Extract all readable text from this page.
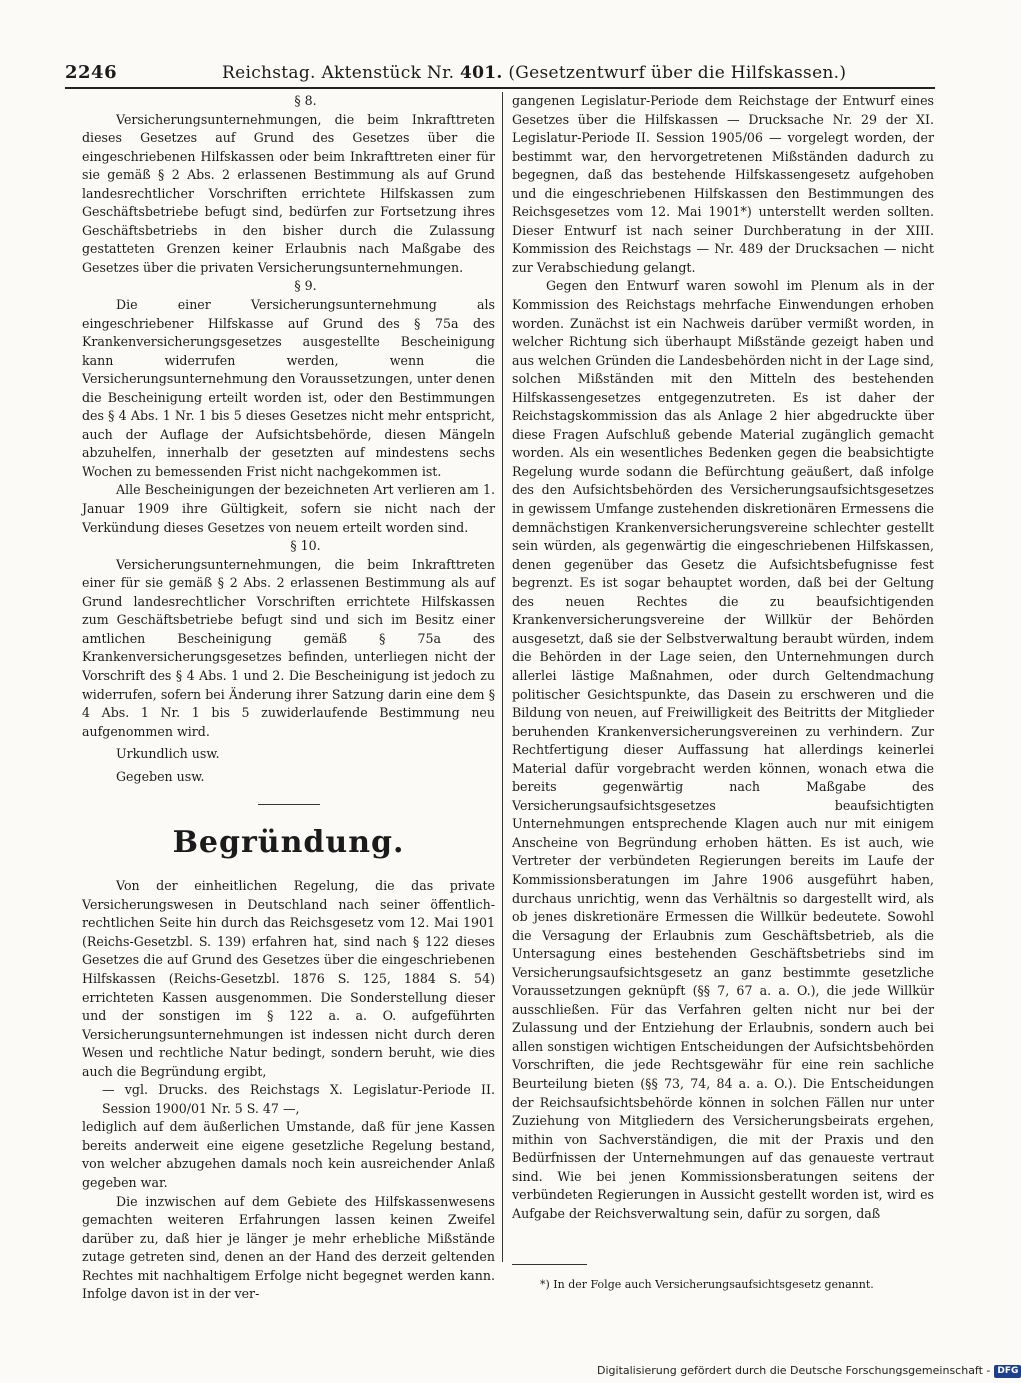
2246	Reichstag. Aktenstück Nr. 401. (Gesetzentwurf über die Hilfskassen.)

§ 8.

Versicherungsunternehmungen, die beim Inkrafttreten dieses Gesetzes auf Grund des Gesetzes über die eingeschriebenen Hilfskassen oder beim Inkrafttreten einer für sie gemäß § 2 Abs. 2 erlassenen Bestimmung als auf Grund landesrechtlicher Vorschriften errichtete Hilfskassen zum Geschäftsbetriebe befugt sind, bedürfen zur Fortsetzung ihres Geschäftsbetriebs in den bisher durch die Zulassung gestatteten Grenzen keiner Erlaubnis nach Maßgabe des Gesetzes über die privaten Versicherungsunternehmungen.

§ 9.

Die einer Versicherungsunternehmung als eingeschriebener Hilfskasse auf Grund des § 75a des Krankenversicherungsgesetzes ausgestellte Bescheinigung kann widerrufen werden, wenn die Versicherungsunternehmung den Voraussetzungen, unter denen die Bescheinigung erteilt worden ist, oder den Bestimmungen des § 4 Abs. 1 Nr. 1 bis 5 dieses Gesetzes nicht mehr entspricht, auch der Auflage der Aufsichtsbehörde, diesen Mängeln abzuhelfen, innerhalb der gesetzten auf mindestens sechs Wochen zu bemessenden Frist nicht nachgekommen ist.

Alle Bescheinigungen der bezeichneten Art verlieren am 1. Januar 1909 ihre Gültigkeit, sofern sie nicht nach der Verkündung dieses Gesetzes von neuem erteilt worden sind.

§ 10.

Versicherungsunternehmungen, die beim Inkrafttreten einer für sie gemäß § 2 Abs. 2 erlassenen Bestimmung als auf Grund landesrechtlicher Vorschriften errichtete Hilfskassen zum Geschäftsbetriebe befugt sind und sich im Besitz einer amtlichen Bescheinigung gemäß § 75a des Krankenversicherungsgesetzes befinden, unterliegen nicht der Vorschrift des § 4 Abs. 1 und 2. Die Bescheinigung ist jedoch zu widerrufen, sofern bei Änderung ihrer Satzung darin eine dem § 4 Abs. 1 Nr. 1 bis 5 zuwiderlaufende Bestimmung neu aufgenommen wird.

Urkundlich usw.

Gegeben usw.

Begründung.

Von der einheitlichen Regelung, die das private Versicherungswesen in Deutschland nach seiner öffentlich-rechtlichen Seite hin durch das Reichsgesetz vom 12. Mai 1901 (Reichs-Gesetzbl. S. 139) erfahren hat, sind nach § 122 dieses Gesetzes die auf Grund des Gesetzes über die eingeschriebenen Hilfskassen (Reichs-Gesetzbl. 1876 S. 125, 1884 S. 54) errichteten Kassen ausgenommen. Die Sonderstellung dieser und der sonstigen im § 122 a. a. O. aufgeführten Versicherungsunternehmungen ist indessen nicht durch deren Wesen und rechtliche Natur bedingt, sondern beruht, wie dies auch die Begründung ergibt,

— vgl. Drucks. des Reichstags X. Legislatur-Periode II. Session 1900/01 Nr. 5 S. 47 —,

lediglich auf dem äußerlichen Umstande, daß für jene Kassen bereits anderweit eine eigene gesetzliche Regelung bestand, von welcher abzugehen damals noch kein ausreichender Anlaß gegeben war.

Die inzwischen auf dem Gebiete des Hilfskassenwesens gemachten weiteren Erfahrungen lassen keinen Zweifel darüber zu, daß hier je länger je mehr erhebliche Mißstände zutage getreten sind, denen an der Hand des derzeit geltenden Rechtes mit nachhaltigem Erfolge nicht begegnet werden kann. Infolge davon ist in der ver-

gangenen Legislatur-Periode dem Reichstage der Entwurf eines Gesetzes über die Hilfskassen — Drucksache Nr. 29 der XI. Legislatur-Periode II. Session 1905/06 — vorgelegt worden, der bestimmt war, den hervorgetretenen Mißständen dadurch zu begegnen, daß das bestehende Hilfskassengesetz aufgehoben und die eingeschriebenen Hilfskassen den Bestimmungen des Reichsgesetzes vom 12. Mai 1901*) unterstellt werden sollten. Dieser Entwurf ist nach seiner Durchberatung in der XIII. Kommission des Reichstags — Nr. 489 der Drucksachen — nicht zur Verabschiedung gelangt.

Gegen den Entwurf waren sowohl im Plenum als in der Kommission des Reichstags mehrfache Einwendungen erhoben worden. Zunächst ist ein Nachweis darüber vermißt worden, in welcher Richtung sich überhaupt Mißstände gezeigt haben und aus welchen Gründen die Landesbehörden nicht in der Lage sind, solchen Mißständen mit den Mitteln des bestehenden Hilfskassengesetzes entgegenzutreten. Es ist daher der Reichstagskommission das als Anlage 2 hier abgedruckte über diese Fragen Aufschluß gebende Material zugänglich gemacht worden. Als ein wesentliches Bedenken gegen die beabsichtigte Regelung wurde sodann die Befürchtung geäußert, daß infolge des den Aufsichtsbehörden des Versicherungsaufsichtsgesetzes in gewissem Umfange zustehenden diskretionären Ermessens die demnächstigen Krankenversicherungsvereine schlechter gestellt sein würden, als gegenwärtig die eingeschriebenen Hilfskassen, denen gegenüber das Gesetz die Aufsichtsbefugnisse fest begrenzt. Es ist sogar behauptet worden, daß bei der Geltung des neuen Rechtes die zu beaufsichtigenden Krankenversicherungsvereine der Willkür der Behörden ausgesetzt, daß sie der Selbstverwaltung beraubt würden, indem die Behörden in der Lage seien, den Unternehmungen durch allerlei lästige Maßnahmen, oder durch Geltendmachung politischer Gesichtspunkte, das Dasein zu erschweren und die Bildung von neuen, auf Freiwilligkeit des Beitritts der Mitglieder beruhenden Krankenversicherungsvereinen zu verhindern. Zur Rechtfertigung dieser Auffassung hat allerdings keinerlei Material dafür vorgebracht werden können, wonach etwa die bereits gegenwärtig nach Maßgabe des Versicherungsaufsichtsgesetzes beaufsichtigten Unternehmungen entsprechende Klagen auch nur mit einigem Anscheine von Begründung erhoben hätten. Es ist auch, wie Vertreter der verbündeten Regierungen bereits im Laufe der Kommissionsberatungen im Jahre 1906 ausgeführt haben, durchaus unrichtig, wenn das Verhältnis so dargestellt wird, als ob jenes diskretionäre Ermessen die Willkür bedeutete. Sowohl die Versagung der Erlaubnis zum Geschäftsbetrieb, als die Untersagung eines bestehenden Geschäftsbetriebs sind im Versicherungsaufsichtsgesetz an ganz bestimmte gesetzliche Voraussetzungen geknüpft (§§ 7, 67 a. a. O.), die jede Willkür ausschließen. Für das Verfahren gelten nicht nur bei der Zulassung und der Entziehung der Erlaubnis, sondern auch bei allen sonstigen wichtigen Entscheidungen der Aufsichtsbehörden Vorschriften, die jede Rechtsgewähr für eine rein sachliche Beurteilung bieten (§§ 73, 74, 84 a. a. O.). Die Entscheidungen der Reichsaufsichtsbehörde können in solchen Fällen nur unter Zuziehung von Mitgliedern des Versicherungsbeirats ergehen, mithin von Sachverständigen, die mit der Praxis und den Bedürfnissen der Unternehmungen auf das genaueste vertraut sind. Wie bei jenen Kommissionsberatungen seitens der verbündeten Regierungen in Aussicht gestellt worden ist, wird es Aufgabe der Reichsverwaltung sein, dafür zu sorgen, daß

*) In der Folge auch Versicherungsaufsichtsgesetz genannt.
Digitalisierung gefördert durch die Deutsche Forschungsgemeinschaft - DFG
